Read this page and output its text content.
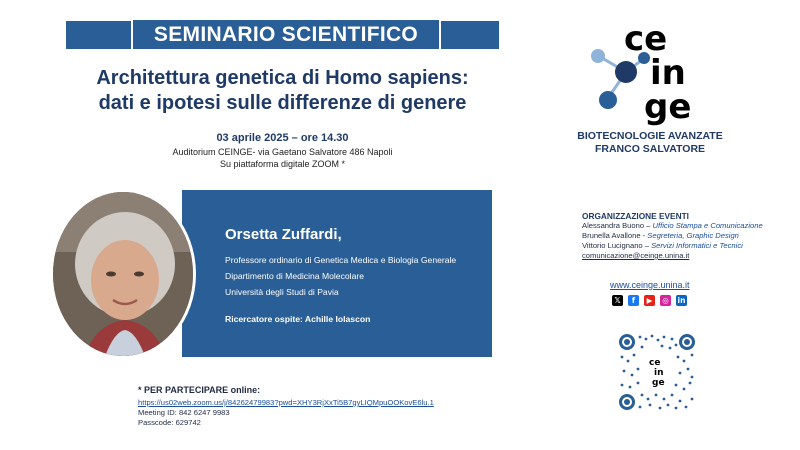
SEMINARIO SCIENTIFICO
Architettura genetica di Homo sapiens:
dati e ipotesi sulle differenze di genere
03 aprile 2025 – ore 14.30
Auditorium CEINGE- via Gaetano Salvatore 486 Napoli
Su piattaforma digitale ZOOM *
Orsetta Zuffardi,
Professore ordinario di Genetica Medica e Biologia Generale
Dipartimento di Medicina Molecolare
Università degli Studi di Pavia
Ricercatore ospite: Achille Iolascon
* PER PARTECIPARE online:
https://us02web.zoom.us/j/84262479983?pwd=XHY3RjXxTi5B7gyLIQMpuOOKovE6lu.1
Meeting ID: 842 6247 9983
Passcode: 629742
ce
in
ge
BIOTECNOLOGIE AVANZATE
FRANCO SALVATORE
ORGANIZZAZIONE EVENTI
Alessandra Buono – Ufficio Stampa e Comunicazione
Brunella Avallone - Segreteria, Graphic Design
Vittorio Lucignano – Servizi Informatici e Tecnici
comunicazione@ceinge.unina.it
www.ceinge.unina.it
𝕏	f	▶	◎ in
ce
in
ge
